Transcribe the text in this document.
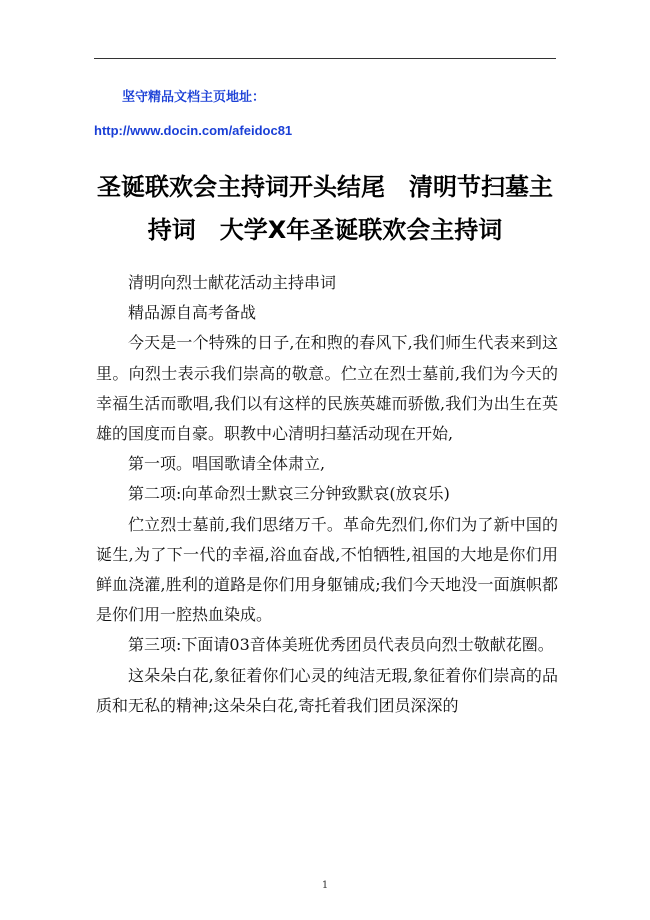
坚守精品文档主页地址：
http://www.docin.com/afeidoc81
圣诞联欢会主持词开头结尾　清明节扫墓主持词　大学X年圣诞联欢会主持词

清明向烈士献花活动主持串词

精品源自高考备战

今天是一个特殊的日子,在和煦的春风下,我们师生代表来到这里。向烈士表示我们崇高的敬意。伫立在烈士墓前,我们为今天的幸福生活而歌唱,我们以有这样的民族英雄而骄傲,我们为出生在英雄的国度而自豪。职教中心清明扫墓活动现在开始,

第一项。唱国歌请全体肃立,

第二项:向革命烈士默哀三分钟致默哀(放哀乐)

伫立烈士墓前,我们思绪万千。革命先烈们,你们为了新中国的诞生,为了下一代的幸福,浴血奋战,不怕牺牲,祖国的大地是你们用鲜血浇灌,胜利的道路是你们用身躯铺成;我们今天地没一面旗帜都是你们用一腔热血染成。

第三项:下面请03音体美班优秀团员代表员向烈士敬献花圈。

这朵朵白花,象征着你们心灵的纯洁无瑕,象征着你们崇高的品质和无私的精神;这朵朵白花,寄托着我们团员深深的

1
